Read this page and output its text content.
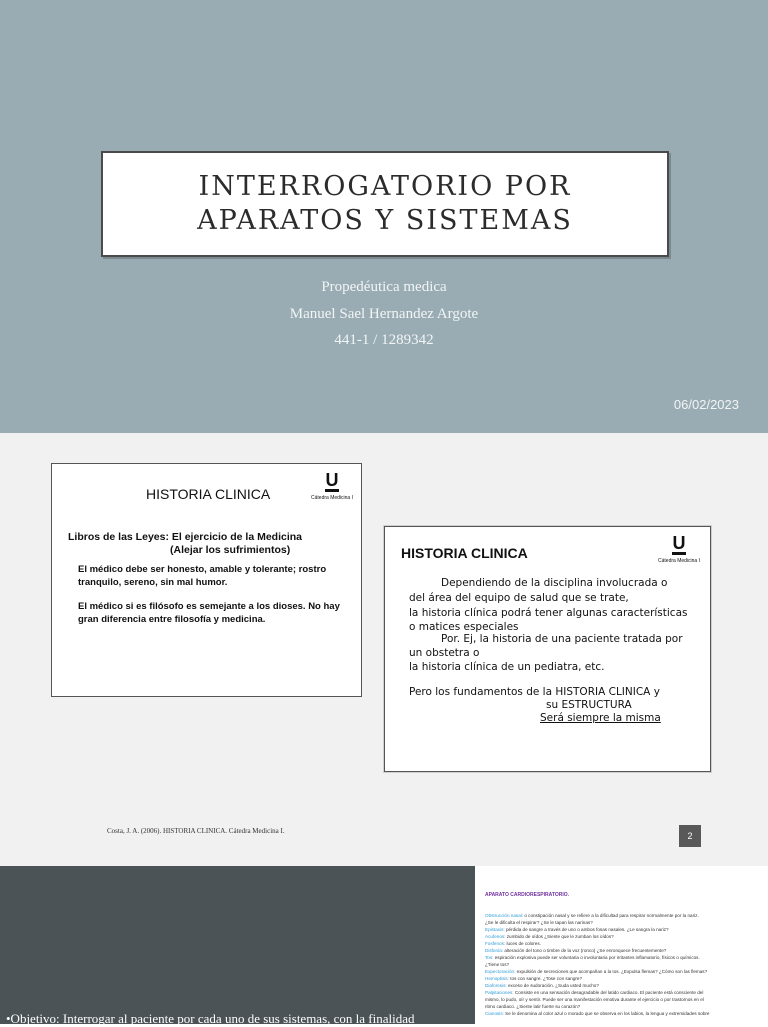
INTERROGATORIO POR
APARATOS Y SISTEMAS
Propedéutica medica
Manuel Sael Hernandez Argote
441-1 / 1289342
06/02/2023
HISTORIA CLINICA
U
Cátedra Medicina I
Libros de las Leyes: El ejercicio de la Medicina
(Alejar los sufrimientos)
El médico debe ser honesto, amable y tolerante; rostro tranquilo, sereno, sin mal humor.
El médico si es filósofo es semejante a los dioses. No hay gran diferencia entre filosofía y medicina.
HISTORIA CLINICA	U
Cátedra Medicina I
Dependiendo de la disciplina involucrada o
del área del equipo de salud que se trate,
la historia clínica podrá tener algunas características
o matices especiales
Por. Ej, la historia de una paciente tratada por
un obstetra o
la historia clínica de un pediatra, etc.
Pero los fundamentos de la HISTORIA CLINICA y
su ESTRUCTURA
Será siempre la misma
Costa, J. A. (2006). HISTORIA CLINICA. Cátedra Medicina I.	2
•Objetivo: Interrogar al paciente por cada uno de sus sistemas, con la finalidad
APARATO CARDIORESPIRATORIO.
Obstrucción nasal: o constipación nasal y se refiere a la dificultad para respirar normalmente por la nariz.
¿Se le dificulta el respirar? ¿Se le tapan las narinas?
Epistaxis: pérdida de sangre a través de uno o ambos fosas nasales. ¿Le sangra la nariz?
Acufenos: zumbido de oídos ¿Siente que le zumban los oídos?
Fosfenos: luces de colores.
Disfonía: alteración del tono o timbre de la voz (ronco) ¿Se enronquece frecuentemente?
Tos: espiración explosiva puede ser voluntaria o involuntaria por irritantes inflamatorio, físicos o químicos.
¿Tiene tos?
Expectoración: expulsión de secreciones que acompañan a la tos. ¿Expulsa flemas? ¿Cómo son las flemas?
Hemoptisis: tos con sangre. ¿Tose con sangre?
Diaforesis: exceso de sudoración. ¿Suda usted mucho?
Palpitaciones: Consiste en una sensación desagradable del latido cardiaco. El paciente está consciente del
mismo, lo pudo, oír y sentir. Puede ser una manifestación emotiva durante el ejercicio o por trastornos en el
ritmo cardiaco. ¿Siente latir fuerte su corazón?
Cianosis: Se le denomina al color azul o morado que se observa en los labios, la lengua y extremidades sobre
